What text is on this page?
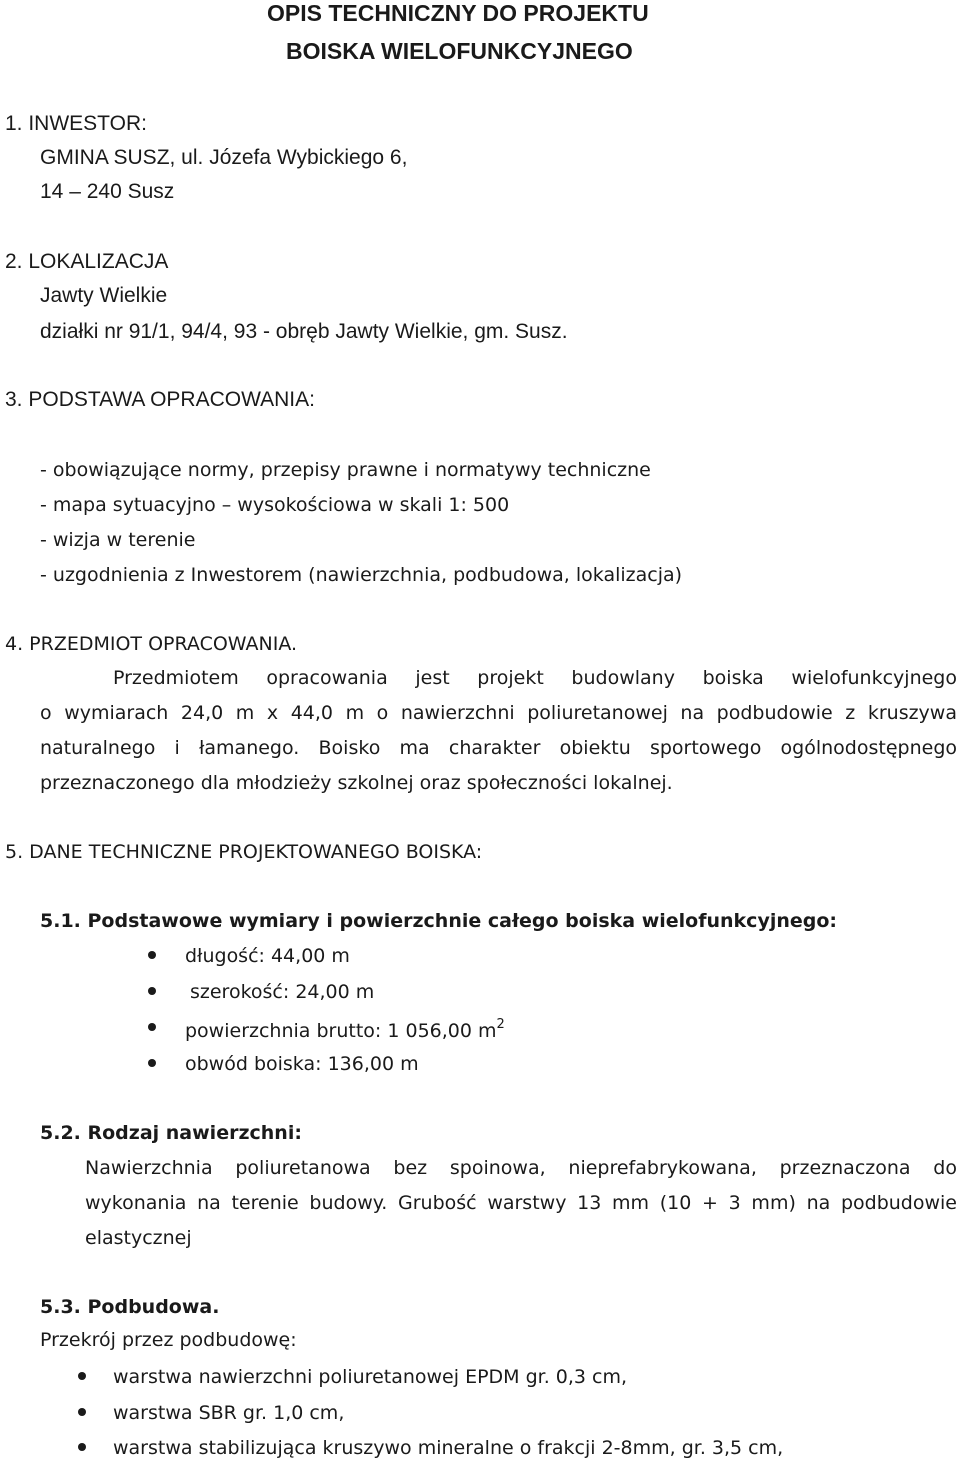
OPIS TECHNICZNY DO PROJEKTU
BOISKA WIELOFUNKCYJNEGO
1. INWESTOR:
GMINA SUSZ, ul. Józefa Wybickiego 6,
14 – 240 Susz
2. LOKALIZACJA
Jawty Wielkie
działki nr 91/1, 94/4, 93 - obręb Jawty Wielkie, gm. Susz.
3. PODSTAWA OPRACOWANIA:
- obowiązujące normy, przepisy prawne i normatywy techniczne
- mapa sytuacyjno – wysokościowa w skali 1: 500
- wizja w terenie
- uzgodnienia z Inwestorem (nawierzchnia, podbudowa, lokalizacja)
4. PRZEDMIOT OPRACOWANIA.
Przedmiotem opracowania jest projekt budowlany boiska wielofunkcyjnego
o wymiarach 24,0 m x 44,0 m o nawierzchni poliuretanowej na podbudowie z kruszywa
naturalnego i łamanego. Boisko ma charakter obiektu sportowego ogólnodostępnego
przeznaczonego dla młodzieży szkolnej oraz społeczności lokalnej.
5. DANE TECHNICZNE PROJEKTOWANEGO BOISKA:
5.1. Podstawowe wymiary i powierzchnie całego boiska wielofunkcyjnego:
długość: 44,00 m
szerokość: 24,00 m
powierzchnia brutto: 1 056,00 $m^2$
obwód boiska: 136,00 m
5.2. Rodzaj nawierzchni:
Nawierzchnia poliuretanowa bez spoinowa, nieprefabrykowana, przeznaczona do
wykonania na terenie budowy. Grubość warstwy 13 mm (10 + 3 mm) na podbudowie
elastycznej
5.3. Podbudowa.
Przekrój przez podbudowę:
warstwa nawierzchni poliuretanowej EPDM gr. 0,3 cm,
warstwa SBR gr. 1,0 cm,
warstwa stabilizująca kruszywo mineralne o frakcji 2-8mm, gr. 3,5 cm,
